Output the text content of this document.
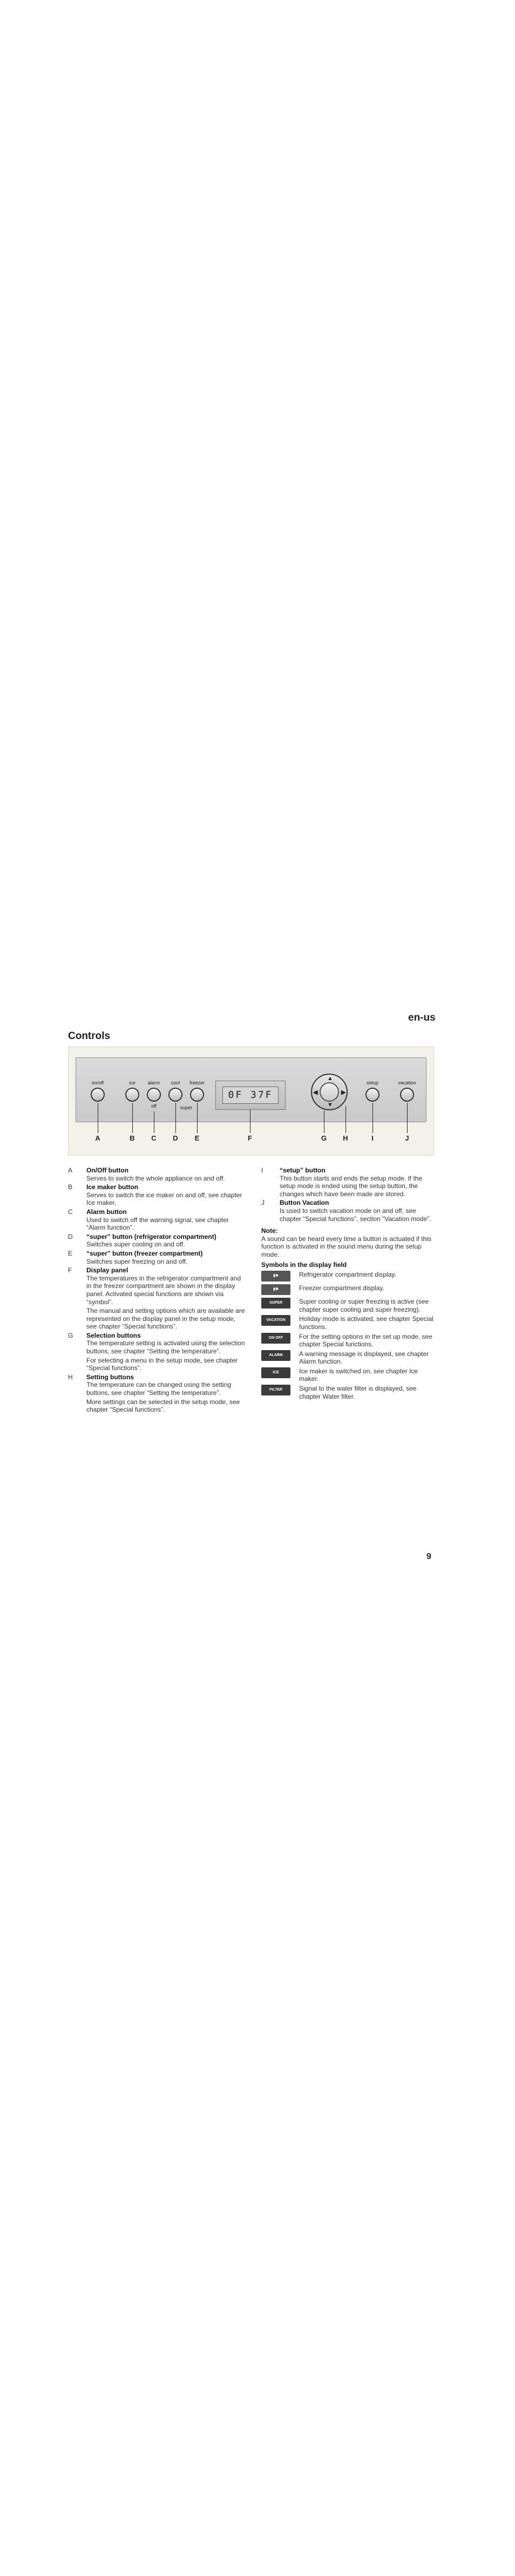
en-us
Controls
on/off	ice	alarm
off
cool	freezer
super
0F 37F
▲
▼
◀	▶
setup	vacation
A	B	C	D	E	F	G	H	I	J
A On/Off button

Serves to switch the whole appliance on and off.

B Ice maker button

Serves to switch the ice maker on and off, see chapter Ice maker.

C Alarm button

Used to switch off the warning signal, see chapter “Alarm function”.

D “super” button (refrigerator compartment)

Switches super cooling on and off.

E “super” button (freezer compartment)

Switches super freezing on and off.

F Display panel

The temperatures in the refrigerator compartment and in the freezer compartment are shown in the display panel. Activated special functions are shown via “symbol”.

The manual and setting options which are available are represented on the display panel in the setup mode, see chapter “Special functions”.

G Selection buttons

The temperature setting is activated using the selection buttons, see chapter “Setting the temperature”.

For selecting a menu in the setup mode, see chapter “Special functions”.

H Setting buttons

The temperature can be changed using the setting buttons, see chapter “Setting the temperature”.

More settings can be selected in the setup mode, see chapter “Special functions”.

I	“setup” button

This button starts and ends the setup mode. If the setup mode is ended using the setup button, the changes which have been made are stored.

J Button Vacation

Is used to switch vacation mode on and off, see chapter “Special functions”, section “Vacation mode”.

Note:
A sound can be heard every time a button is actuated if this function is activated in the sound menu during the setup mode.
Symbols in the display field
▮❄	Refrigerator compartment display.
▮✱	Freezer compartment display.
SUPER	Super cooling or super freezing is active (see chapter super cooling and super freezing).
VACATION	Holiday mode is activated, see chapter Special functions.
ON OFF	For the setting options in the set up mode, see chapter Special functions.
ALARM	A warning message is displayed, see chapter Alarm function.
ICE	Ice maker is switched on, see chapter Ice maker.
FILTER	Signal to the water filter is displayed, see chapter Water filter.
9
